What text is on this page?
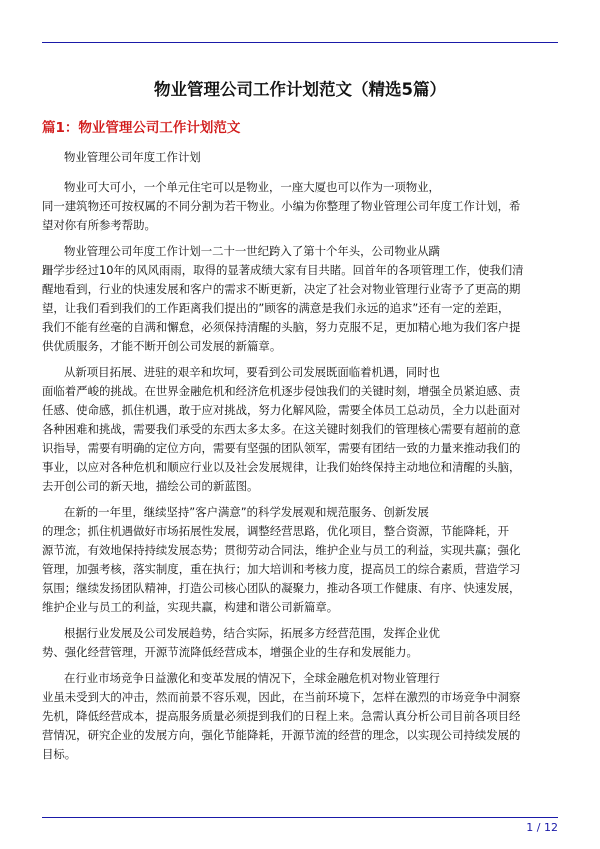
物业管理公司工作计划范文（精选5篇）
篇1：物业管理公司工作计划范文
物业管理公司年度工作计划
物业可大可小，一个单元住宅可以是物业，一座大厦也可以作为一项物业，
同一建筑物还可按权属的不同分割为若干物业。小编为你整理了物业管理公司年度工作计划，希
望对你有所参考帮助。
物业管理公司年度工作计划一二十一世纪跨入了第十个年头，公司物业从蹒
跚学步经过10年的风风雨雨，取得的显著成绩大家有目共睹。回首年的各项管理工作，使我们清
醒地看到，行业的快速发展和客户的需求不断更新，决定了社会对物业管理行业寄予了更高的期
望，让我们看到我们的工作距离我们提出的”顾客的满意是我们永远的追求”还有一定的差距，
我们不能有丝毫的自满和懈怠，必须保持清醒的头脑，努力克服不足，更加精心地为我们客户提
供优质服务，才能不断开创公司发展的新篇章。
从新项目拓展、进驻的艰辛和坎坷，要看到公司发展既面临着机遇，同时也
面临着严峻的挑战。在世界金融危机和经济危机逐步侵蚀我们的关键时刻，增强全员紧迫感、责
任感、使命感，抓住机遇，敢于应对挑战，努力化解风险，需要全体员工总动员，全力以赴面对
各种困难和挑战，需要我们承受的东西太多太多。在这关键时刻我们的管理核心需要有超前的意
识指导，需要有明确的定位方向，需要有坚强的团队领军，需要有团结一致的力量来推动我们的
事业，以应对各种危机和顺应行业以及社会发展规律，让我们始终保持主动地位和清醒的头脑，
去开创公司的新天地，描绘公司的新蓝图。
在新的一年里，继续坚持”客户满意”的科学发展观和规范服务、创新发展
的理念；抓住机遇做好市场拓展性发展，调整经营思路，优化项目，整合资源，节能降耗，开
源节流，有效地保持持续发展态势；贯彻劳动合同法，维护企业与员工的利益，实现共赢；强化
管理，加强考核，落实制度，重在执行；加大培训和考核力度，提高员工的综合素质，营造学习
氛围；继续发扬团队精神，打造公司核心团队的凝聚力，推动各项工作健康、有序、快速发展，
维护企业与员工的利益，实现共赢，构建和谐公司新篇章。
根据行业发展及公司发展趋势，结合实际，拓展多方经营范围，发挥企业优
势、强化经营管理，开源节流降低经营成本，增强企业的生存和发展能力。
在行业市场竞争日益激化和变革发展的情况下，全球金融危机对物业管理行
业虽未受到大的冲击，然而前景不容乐观，因此，在当前环境下，怎样在激烈的市场竞争中洞察
先机，降低经营成本，提高服务质量必须提到我们的日程上来。急需认真分析公司目前各项目经
营情况，研究企业的发展方向，强化节能降耗，开源节流的经营的理念，以实现公司持续发展的
目标。
1 / 12
